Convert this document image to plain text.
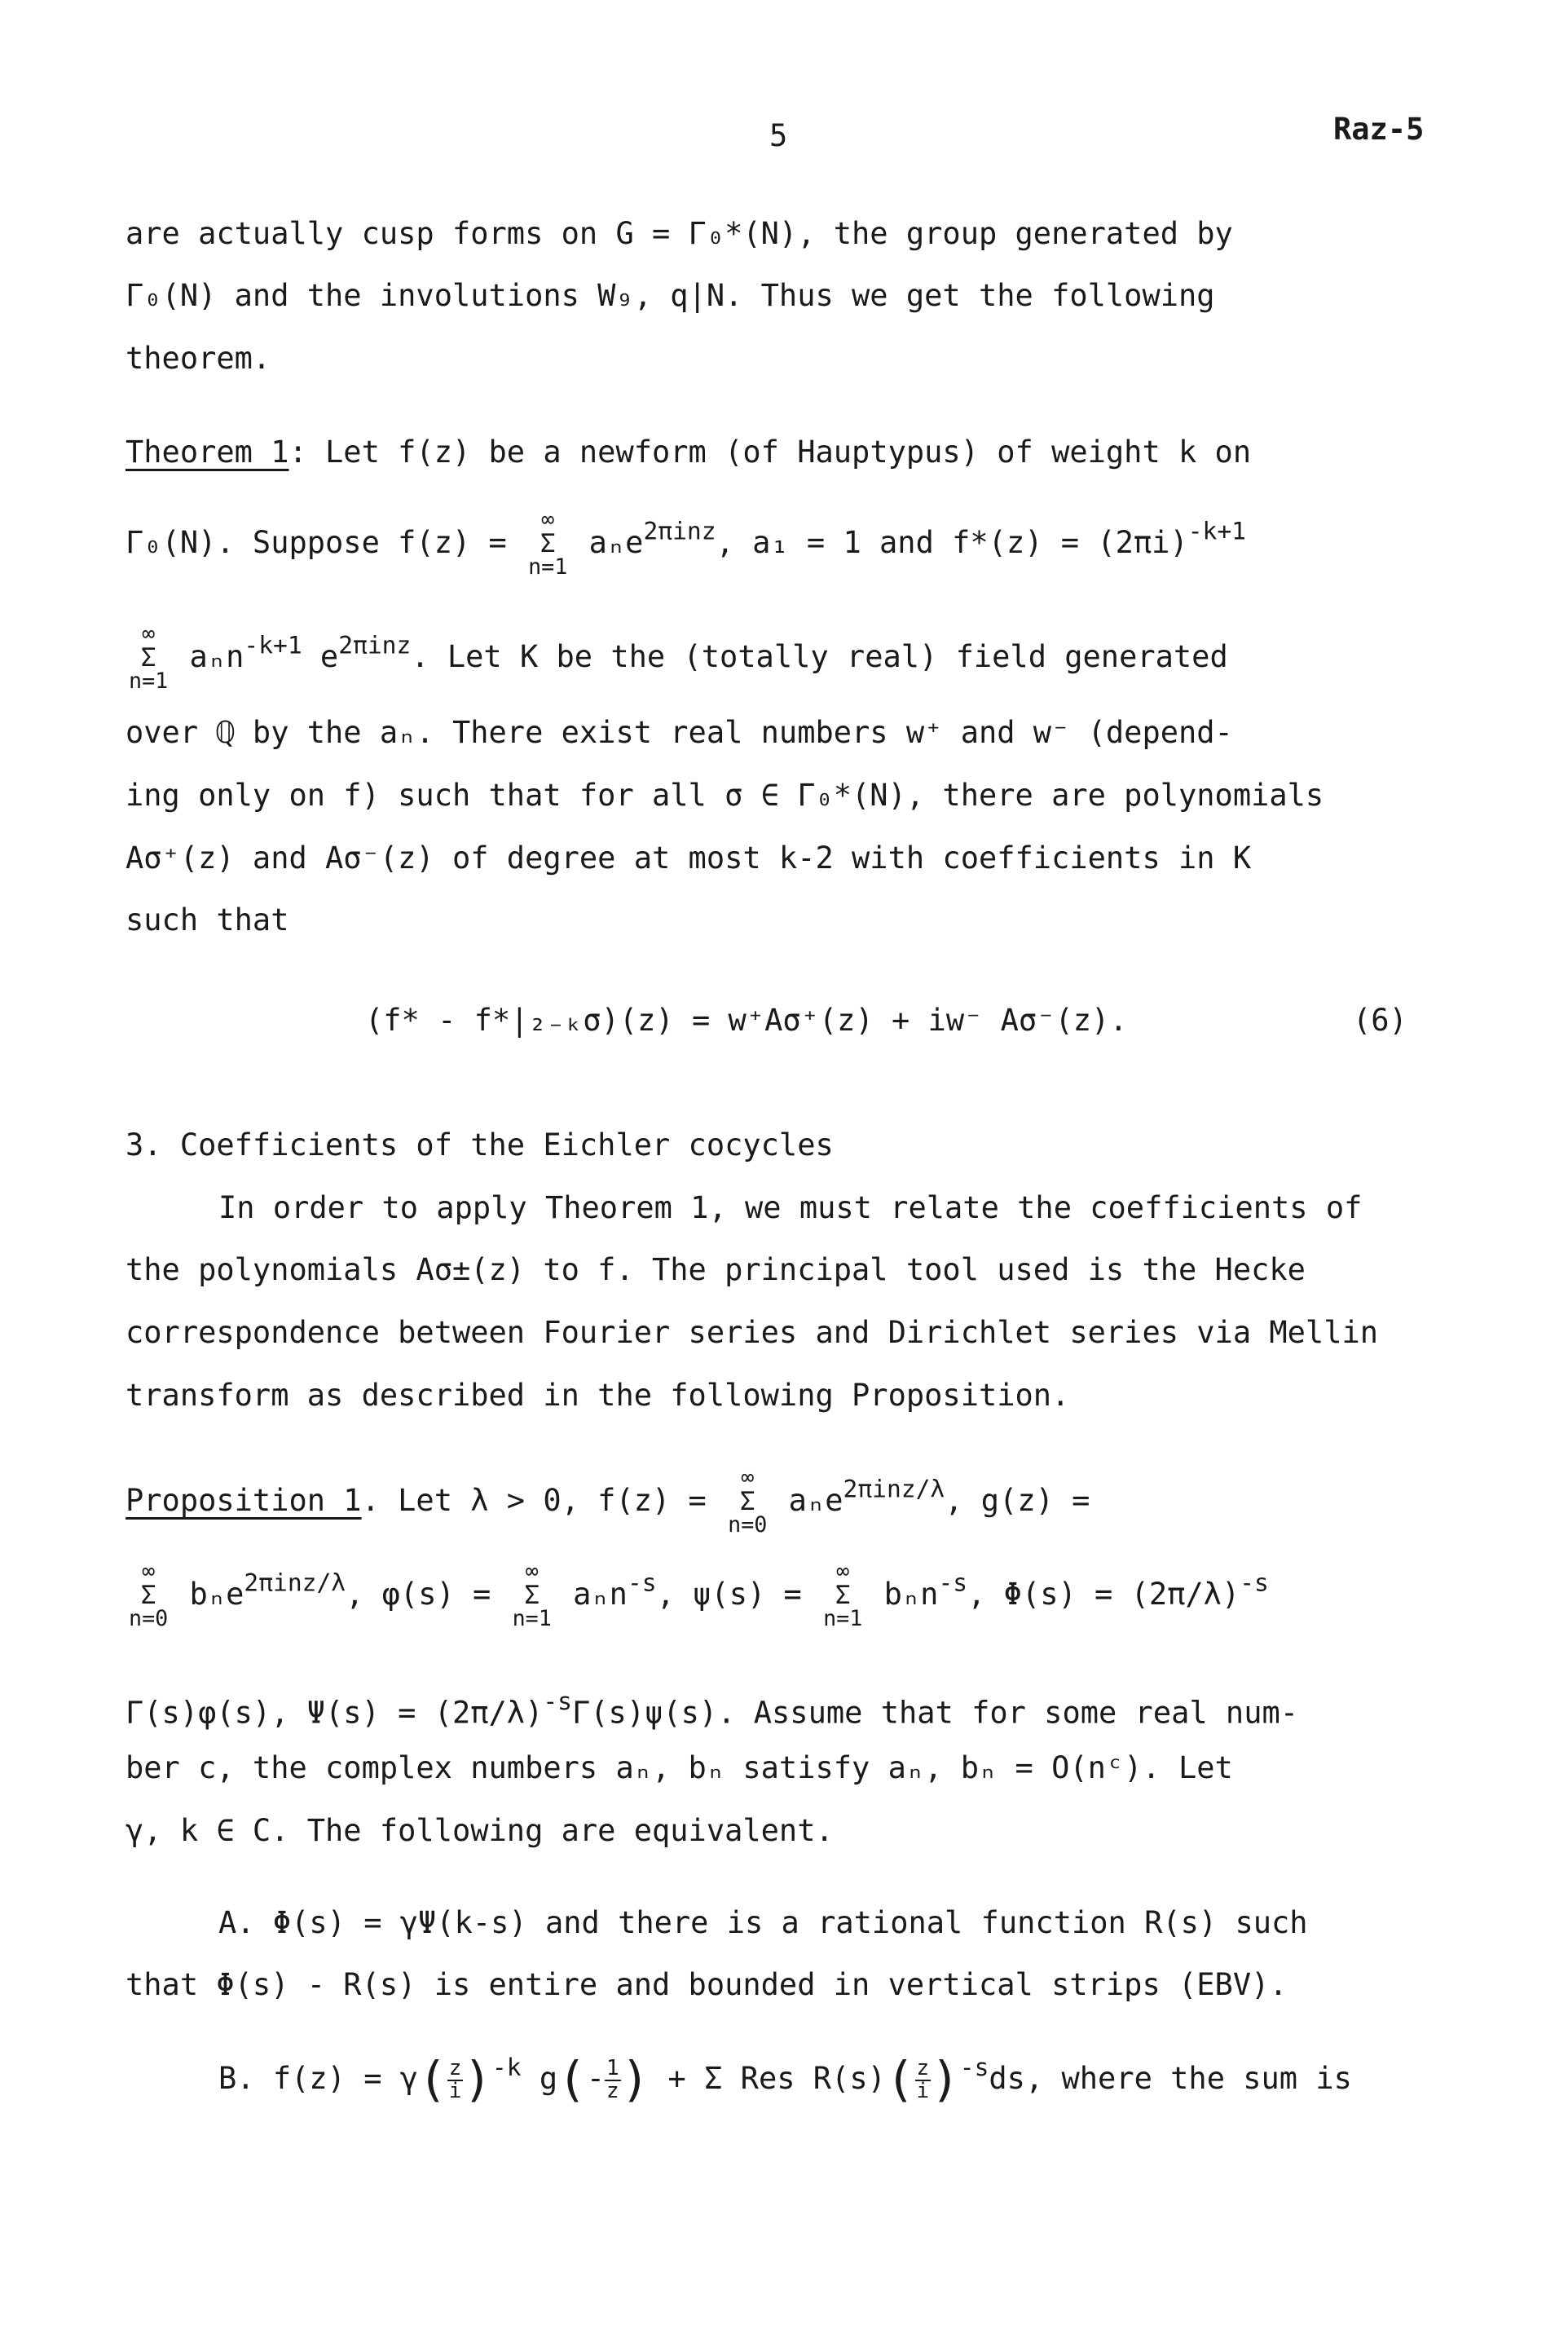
5	Raz-5
are actually cusp forms on G = Γ₀*(N), the group generated by
Γ₀(N) and the involutions W₉, q|N. Thus we get the following
theorem.
Theorem 1: Let f(z) be a newform (of Hauptypus) of weight k on
Γ₀(N). Suppose f(z) =
∞
Σ
n=1
aₙe$^{2\pi inz}$, a₁ = 1 and $f*(z) = (2\pi i)^{-k+1}$
∞
Σ
n=1
aₙn$^{-k+1}$ $e^{2\pi inz}$. Let K be the (totally real) field generated
over ℚ by the aₙ. There exist real numbers w⁺ and w⁻ (depend-
ing only on f) such that for all σ ∈ Γ₀*(N), there are polynomials
Aσ⁺(z) and Aσ⁻(z) of degree at most k-2 with coefficients in K
such that
(f* - f*|₂₋ₖσ)(z) = w⁺Aσ⁺(z) + iw⁻ Aσ⁻(z).	(6)
3. Coefficients of the Eichler cocycles
In order to apply Theorem 1, we must relate the coefficients of
the polynomials Aσ±(z) to f. The principal tool used is the Hecke
correspondence between Fourier series and Dirichlet series via Mellin
transform as described in the following Proposition.
Proposition 1. Let λ > 0, f(z) =
∞
Σ
n=0
aₙe$^{2\pi inz/\lambda}$, g(z) =
∞
Σ
n=0
bₙe$^{2\pi inz/\lambda}$, φ(s) =
∞
Σ
n=1
aₙn$^{-s}$, ψ(s) =
∞
Σ
n=1
bₙn$^{-s}$, $\Phi(s) = (2\pi/\lambda)^{-s}$
Γ(s)φ(s), $\Psi(s) = (2\pi/\lambda)^{-s}\Gamma(s)\psi(s)$. Assume that for some real num-
ber c, the complex numbers aₙ, bₙ satisfy aₙ, bₙ = O(nᶜ). Let
γ, k ∈ C. The following are equivalent.
A. Φ(s) = γΨ(k-s) and there is a rational function R(s) such
that Φ(s) - R(s) is entire and bounded in vertical strips (EBV).
B. $f(z) = \gamma( \frac{z}{i} )^{-k}$ $g(- \frac{1}{z}$ ) + Σ Res $R(s)( \frac{z}{i} )^{-s}ds$, where the sum is
